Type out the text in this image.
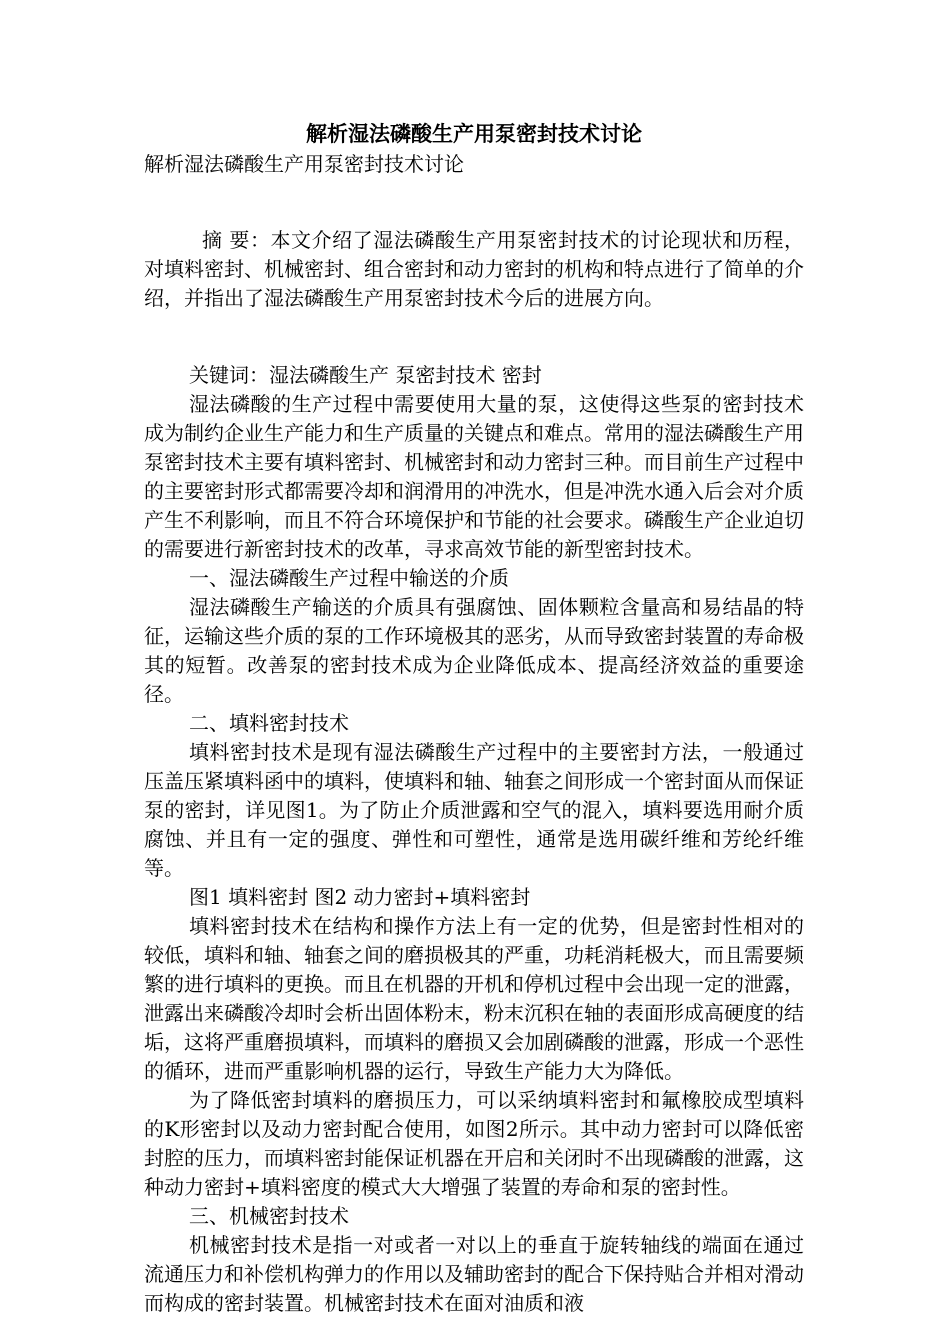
解析湿法磷酸生产用泵密封技术讨论

解析湿法磷酸生产用泵密封技术讨论

摘 要：本文介绍了湿法磷酸生产用泵密封技术的讨论现状和历程，对填料密封、机械密封、组合密封和动力密封的机构和特点进行了简单的介绍，并指出了湿法磷酸生产用泵密封技术今后的进展方向。

关键词：湿法磷酸生产 泵密封技术 密封

湿法磷酸的生产过程中需要使用大量的泵，这使得这些泵的密封技术成为制约企业生产能力和生产质量的关键点和难点。常用的湿法磷酸生产用泵密封技术主要有填料密封、机械密封和动力密封三种。而目前生产过程中的主要密封形式都需要冷却和润滑用的冲洗水，但是冲洗水通入后会对介质产生不利影响，而且不符合环境保护和节能的社会要求。磷酸生产企业迫切的需要进行新密封技术的改革，寻求高效节能的新型密封技术。

一、湿法磷酸生产过程中输送的介质

湿法磷酸生产输送的介质具有强腐蚀、固体颗粒含量高和易结晶的特征，运输这些介质的泵的工作环境极其的恶劣，从而导致密封装置的寿命极其的短暂。改善泵的密封技术成为企业降低成本、提高经济效益的重要途径。

二、填料密封技术

填料密封技术是现有湿法磷酸生产过程中的主要密封方法，一般通过 压盖压紧填料函中的填料，使填料和轴、轴套之间形成一个密封面从而保证泵的密封，详见图1。为了防止介质泄露和空气的混入，填料要选用耐介质腐蚀、并且有一定的强度、弹性和可塑性，通常是选用碳纤维和芳纶纤维等。

图1 填料密封 图2 动力密封+填料密封

填料密封技术在结构和操作方法上有一定的优势，但是密封性相对的较低，填料和轴、轴套之间的磨损极其的严重，功耗消耗极大，而且需要频繁的进行填料的更换。而且在机器的开机和停机过程中会出现一定的泄露，泄露出来磷酸冷却时会析出固体粉末，粉末沉积在轴的表面形成高硬度的结垢，这将严重磨损填料，而填料的磨损又会加剧磷酸的泄露，形成一个恶性的循环，进而严重影响机器的运行，导致生产能力大为降低。

为了降低密封填料的磨损压力，可以采纳填料密封和氟橡胶成型填料的K形密封以及动力密封配合使用，如图2所示。其中动力密封可以降低密封腔的压力，而填料密封能保证机器在开启和关闭时不出现磷酸的泄露，这种动力密封+填料密度的模式大大增强了装置的寿命和泵的密封性。

三、机械密封技术

机械密封技术是指一对或者一对以上的垂直于旋转轴线的端面在通过流通压力和补偿机构弹力的作用以及辅助密封的配合下保持贴合并相对滑动而构成的密封装置。机械密封技术在面对油质和液
